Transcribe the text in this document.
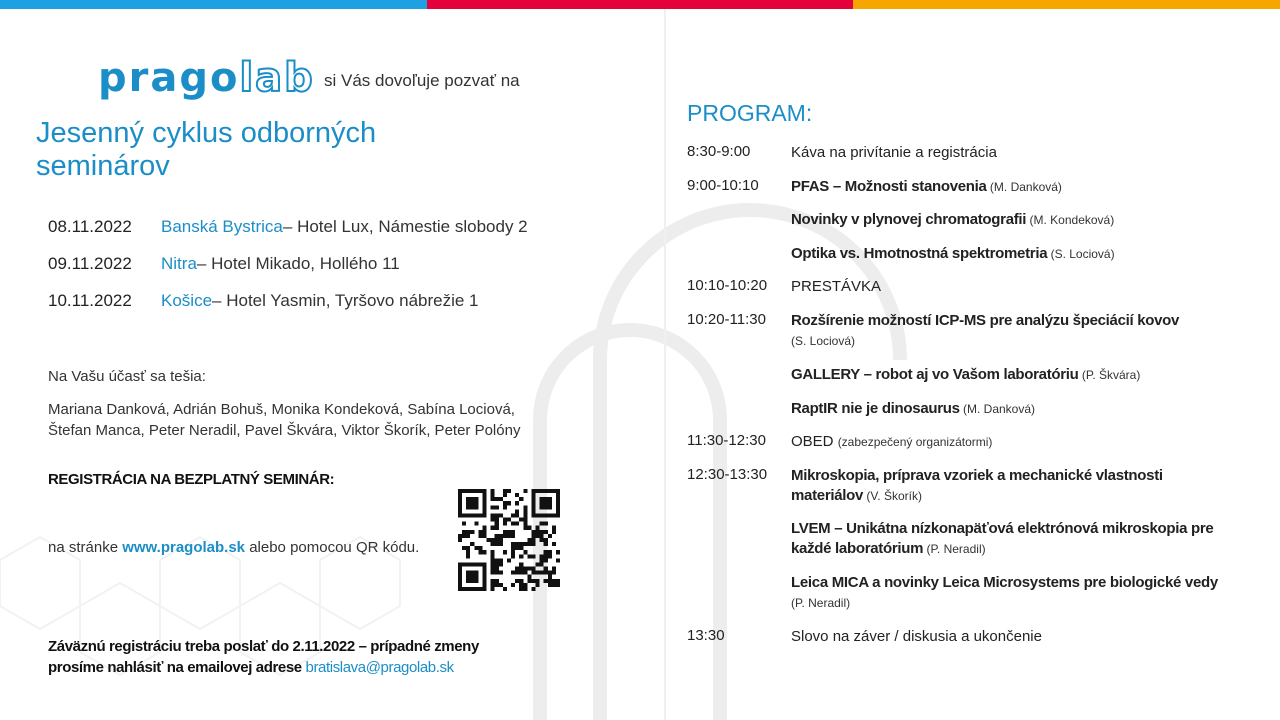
prago lab si Vás dovoľuje pozvať na
Jesenný cyklus odborných
seminárov
08.11.2022	Banská Bystrica – Hotel Lux, Námestie slobody 2
09.11.2022	Nitra – Hotel Mikado, Hollého 11
10.11.2022	Košice – Hotel Yasmin, Tyršovo nábrežie 1
Na Vašu účasť sa tešia:
Mariana Danková, Adrián Bohuš, Monika Kondeková, Sabína Lociová,
Štefan Manca, Peter Neradil, Pavel Škvára, Viktor Škorík, Peter Polóny
REGISTRÁCIA NA BEZPLATNÝ SEMINÁR:
na stránke www.pragolab.sk alebo pomocou QR kódu.
Záväznú registráciu treba poslať do 2.11.2022 – prípadné zmeny
prosíme nahlásiť na emailovej adrese bratislava@pragolab.sk
PROGRAM:
8:30-9:00	Káva na privítanie a registrácia
9:00-10:10	PFAS – Možnosti stanovenia (M. Danková)
Novinky v plynovej chromatografii (M. Kondeková)
Optika vs. Hmotnostná spektrometria (S. Lociová)
10:10-10:20	PRESTÁVKA
10:20-11:30	Rozšírenie možností ICP-MS pre analýzu špeciácií kovov
(S. Lociová)
GALLERY – robot aj vo Vašom laboratóriu (P. Škvára)
RaptIR nie je dinosaurus (M. Danková)
11:30-12:30	OBED (zabezpečený organizátormi)
12:30-13:30	Mikroskopia, príprava vzoriek a mechanické vlastnosti materiálov (V. Škorík)
LVEM – Unikátna nízkonapäťová elektrónová mikroskopia pre každé laboratórium (P. Neradil)
Leica MICA a novinky Leica Microsystems pre biologické vedy (P. Neradil)
13:30	Slovo na záver / diskusia a ukončenie
